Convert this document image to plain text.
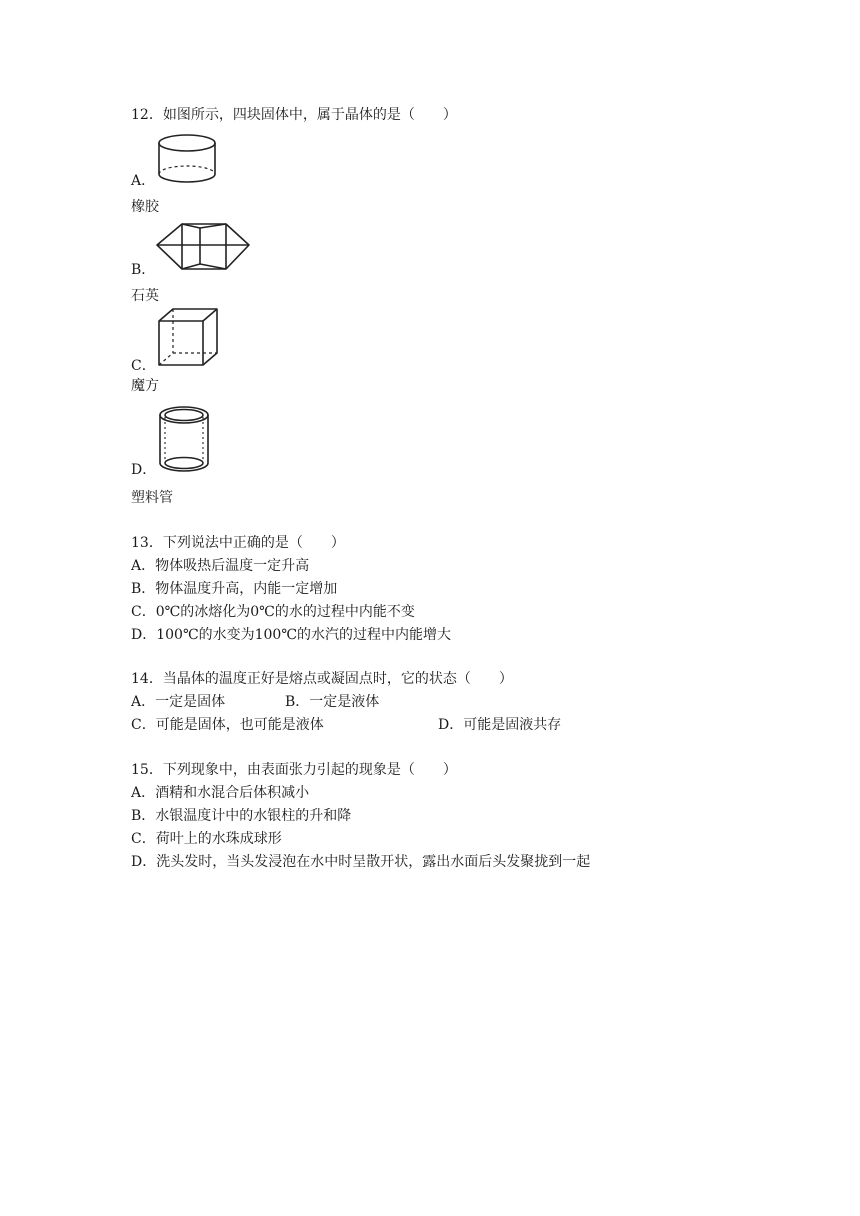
12．如图所示，四块固体中，属于晶体的是（　　）
A．
橡胶
B．
石英
C．
魔方
D．
塑料管
13．下列说法中正确的是（　　）
A．物体吸热后温度一定升高
B．物体温度升高，内能一定增加
C．0℃的冰熔化为0℃的水的过程中内能不变
D．100℃的水变为100℃的水汽的过程中内能增大
14．当晶体的温度正好是熔点或凝固点时，它的状态（　　）
A．一定是固体	B．一定是液体
C．可能是固体，也可能是液体	D．可能是固液共存
15．下列现象中，由表面张力引起的现象是（　　）
A．酒精和水混合后体积减小
B．水银温度计中的水银柱的升和降
C．荷叶上的水珠成球形
D．洗头发时，当头发浸泡在水中时呈散开状，露出水面后头发聚拢到一起
